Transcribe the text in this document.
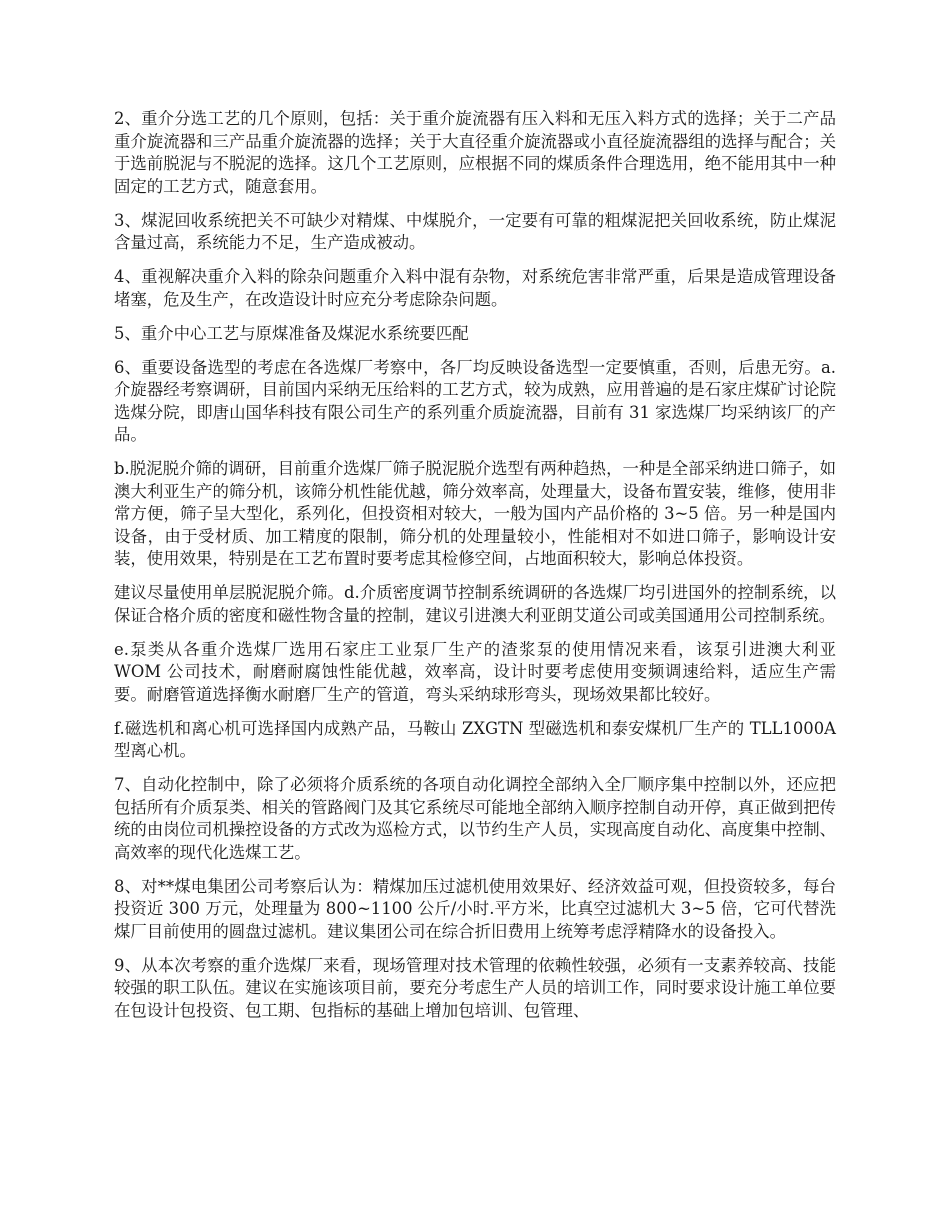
2、重介分选工艺的几个原则，包括：关于重介旋流器有压入料和无压入料方式的选择；关于二产品重介旋流器和三产品重介旋流器的选择；关于大直径重介旋流器或小直径旋流器组的选择与配合；关于选前脱泥与不脱泥的选择。这几个工艺原则，应根据不同的煤质条件合理选用，绝不能用其中一种固定的工艺方式，随意套用。

3、煤泥回收系统把关不可缺少对精煤、中煤脱介，一定要有可靠的粗煤泥把关回收系统，防止煤泥含量过高，系统能力不足，生产造成被动。

4、重视解决重介入料的除杂问题重介入料中混有杂物，对系统危害非常严重，后果是造成管理设备堵塞，危及生产，在改造设计时应充分考虑除杂问题。

5、重介中心工艺与原煤准备及煤泥水系统要匹配

6、重要设备选型的考虑在各选煤厂考察中，各厂均反映设备选型一定要慎重，否则，后患无穷。a.介旋器经考察调研，目前国内采纳无压给料的工艺方式，较为成熟，应用普遍的是石家庄煤矿讨论院选煤分院，即唐山国华科技有限公司生产的系列重介质旋流器，目前有 31 家选煤厂均采纳该厂的产品。

b.脱泥脱介筛的调研，目前重介选煤厂筛子脱泥脱介选型有两种趋热，一种是全部采纳进口筛子，如澳大利亚生产的筛分机，该筛分机性能优越，筛分效率高，处理量大，设备布置安装，维修，使用非常方便，筛子呈大型化，系列化，但投资相对较大，一般为国内产品价格的 3~5 倍。另一种是国内设备，由于受材质、加工精度的限制，筛分机的处理量较小，性能相对不如进口筛子，影响设计安装，使用效果，特别是在工艺布置时要考虑其检修空间，占地面积较大，影响总体投资。

建议尽量使用单层脱泥脱介筛。d.介质密度调节控制系统调研的各选煤厂均引进国外的控制系统，以保证合格介质的密度和磁性物含量的控制，建议引进澳大利亚朗艾道公司或美国通用公司控制系统。

e.泵类从各重介选煤厂选用石家庄工业泵厂生产的渣浆泵的使用情况来看，该泵引进澳大利亚 WOM 公司技术，耐磨耐腐蚀性能优越，效率高，设计时要考虑使用变频调速给料，适应生产需要。耐磨管道选择衡水耐磨厂生产的管道，弯头采纳球形弯头，现场效果都比较好。

f.磁选机和离心机可选择国内成熟产品，马鞍山 ZXGTN 型磁选机和泰安煤机厂生产的 TLL1000A 型离心机。

7、自动化控制中，除了必须将介质系统的各项自动化调控全部纳入全厂顺序集中控制以外，还应把包括所有介质泵类、相关的管路阀门及其它系统尽可能地全部纳入顺序控制自动开停，真正做到把传统的由岗位司机操控设备的方式改为巡检方式，以节约生产人员，实现高度自动化、高度集中控制、高效率的现代化选煤工艺。

8、对**煤电集团公司考察后认为：精煤加压过滤机使用效果好、经济效益可观，但投资较多，每台投资近 300 万元，处理量为 800~1100 公斤/小时.平方米，比真空过滤机大 3~5 倍，它可代替洗煤厂目前使用的圆盘过滤机。建议集团公司在综合折旧费用上统筹考虑浮精降水的设备投入。

9、从本次考察的重介选煤厂来看，现场管理对技术管理的依赖性较强，必须有一支素养较高、技能较强的职工队伍。建议在实施该项目前，要充分考虑生产人员的培训工作，同时要求设计施工单位要在包设计包投资、包工期、包指标的基础上增加包培训、包管理、
